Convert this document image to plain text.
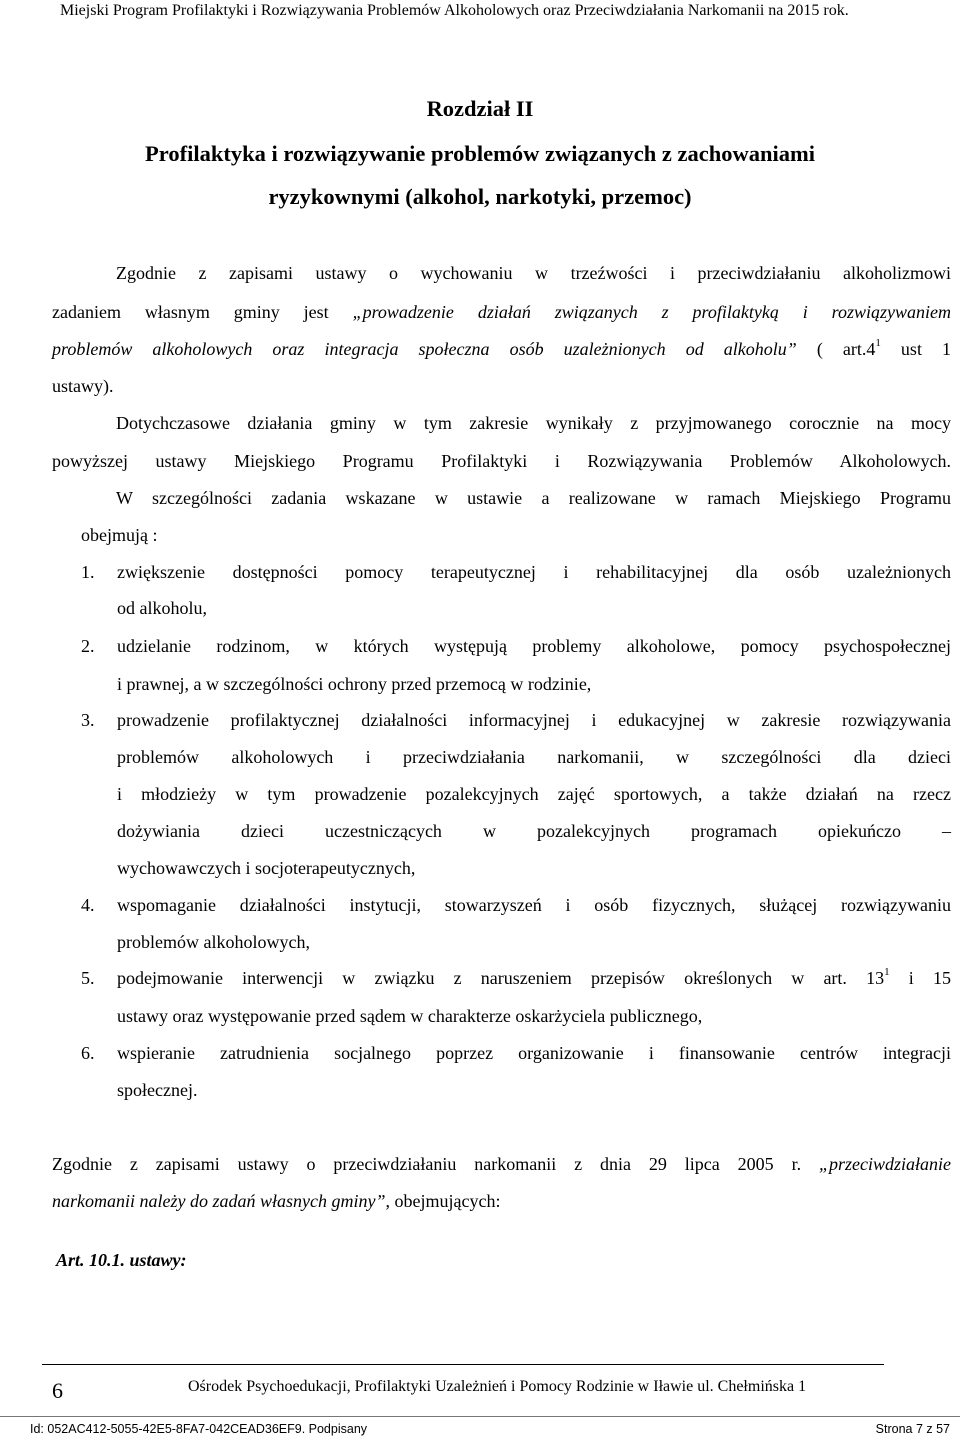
Miejski Program Profilaktyki i Rozwiązywania Problemów Alkoholowych oraz Przeciwdziałania Narkomanii na 2015 rok.
Rozdział II
Profilaktyka i rozwiązywanie problemów związanych z zachowaniami
ryzykownymi (alkohol, narkotyki, przemoc)
Zgodnie z zapisami ustawy o wychowaniu w trzeźwości i przeciwdziałaniu alkoholizmowi
zadaniem własnym gminy jest „prowadzenie działań związanych z profilaktyką i rozwiązywaniem
problemów alkoholowych oraz integracja społeczna osób uzależnionych od alkoholu” ( $art.4^1$ ust 1
ustawy).
Dotychczasowe działania gminy w tym zakresie wynikały z przyjmowanego corocznie na mocy
powyższej ustawy Miejskiego Programu Profilaktyki i Rozwiązywania Problemów Alkoholowych.
W szczególności zadania wskazane w ustawie a realizowane w ramach Miejskiego Programu
obejmują :
1. zwiększenie dostępności pomocy terapeutycznej i rehabilitacyjnej dla osób uzależnionych
od alkoholu,
2. udzielanie rodzinom, w których występują problemy alkoholowe, pomocy psychospołecznej
i prawnej, a w szczególności ochrony przed przemocą w rodzinie,
3. prowadzenie profilaktycznej działalności informacyjnej i edukacyjnej w zakresie rozwiązywania
problemów alkoholowych i przeciwdziałania narkomanii, w szczególności dla dzieci
i młodzieży w tym prowadzenie pozalekcyjnych zajęć sportowych, a także działań na rzecz
dożywiania dzieci uczestniczących w pozalekcyjnych programach opiekuńczo –
wychowawczych i socjoterapeutycznych,
4. wspomaganie działalności instytucji, stowarzyszeń i osób fizycznych, służącej rozwiązywaniu
problemów alkoholowych,
5. podejmowanie interwencji w związku z naruszeniem przepisów określonych w art. $13^1$ i 15
ustawy oraz występowanie przed sądem w charakterze oskarżyciela publicznego,
6. wspieranie zatrudnienia socjalnego poprzez organizowanie i finansowanie centrów integracji
społecznej.
Zgodnie z zapisami ustawy o przeciwdziałaniu narkomanii z dnia 29 lipca 2005 r. „przeciwdziałanie
narkomanii należy do zadań własnych gminy”, obejmujących:
Art. 10.1. ustawy:
6	Ośrodek Psychoedukacji, Profilaktyki Uzależnień i Pomocy Rodzinie w Iławie ul. Chełmińska 1
Id: 052AC412-5055-42E5-8FA7-042CEAD36EF9. Podpisany	Strona 7 z 57
